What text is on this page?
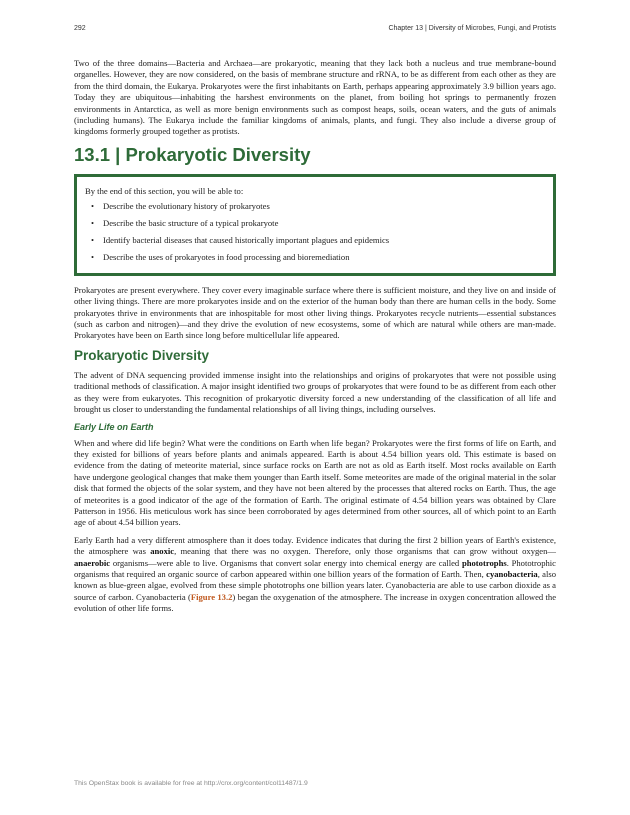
292	Chapter 13 | Diversity of Microbes, Fungi, and Protists

Two of the three domains—Bacteria and Archaea—are prokaryotic, meaning that they lack both a nucleus and true membrane-bound organelles. However, they are now considered, on the basis of membrane structure and rRNA, to be as different from each other as they are from the third domain, the Eukarya. Prokaryotes were the first inhabitants on Earth, perhaps appearing approximately 3.9 billion years ago. Today they are ubiquitous—inhabiting the harshest environments on the planet, from boiling hot springs to permanently frozen environments in Antarctica, as well as more benign environments such as compost heaps, soils, ocean waters, and the guts of animals (including humans). The Eukarya include the familiar kingdoms of animals, plants, and fungi. They also include a diverse group of kingdoms formerly grouped together as protists.

13.1 | Prokaryotic Diversity
By the end of this section, you will be able to:
• Describe the evolutionary history of prokaryotes
• Describe the basic structure of a typical prokaryote
• Identify bacterial diseases that caused historically important plagues and epidemics
• Describe the uses of prokaryotes in food processing and bioremediation

Prokaryotes are present everywhere. They cover every imaginable surface where there is sufficient moisture, and they live on and inside of other living things. There are more prokaryotes inside and on the exterior of the human body than there are human cells in the body. Some prokaryotes thrive in environments that are inhospitable for most other living things. Prokaryotes recycle nutrients—essential substances (such as carbon and nitrogen)—and they drive the evolution of new ecosystems, some of which are natural while others are man-made. Prokaryotes have been on Earth since long before multicellular life appeared.

Prokaryotic Diversity

The advent of DNA sequencing provided immense insight into the relationships and origins of prokaryotes that were not possible using traditional methods of classification. A major insight identified two groups of prokaryotes that were found to be as different from each other as they were from eukaryotes. This recognition of prokaryotic diversity forced a new understanding of the classification of all life and brought us closer to understanding the fundamental relationships of all living things, including ourselves.

Early Life on Earth

When and where did life begin? What were the conditions on Earth when life began? Prokaryotes were the first forms of life on Earth, and they existed for billions of years before plants and animals appeared. Earth is about 4.54 billion years old. This estimate is based on evidence from the dating of meteorite material, since surface rocks on Earth are not as old as Earth itself. Most rocks available on Earth have undergone geological changes that make them younger than Earth itself. Some meteorites are made of the original material in the solar disk that formed the objects of the solar system, and they have not been altered by the processes that altered rocks on Earth. Thus, the age of meteorites is a good indicator of the age of the formation of Earth. The original estimate of 4.54 billion years was obtained by Clare Patterson in 1956. His meticulous work has since been corroborated by ages determined from other sources, all of which point to an Earth age of about 4.54 billion years.

Early Earth had a very different atmosphere than it does today. Evidence indicates that during the first 2 billion years of Earth's existence, the atmosphere was anoxic, meaning that there was no oxygen. Therefore, only those organisms that can grow without oxygen— anaerobic organisms—were able to live. Organisms that convert solar energy into chemical energy are called phototrophs. Phototrophic organisms that required an organic source of carbon appeared within one billion years of the formation of Earth. Then, cyanobacteria, also known as blue-green algae, evolved from these simple phototrophs one billion years later. Cyanobacteria are able to use carbon dioxide as a source of carbon. Cyanobacteria (Figure 13.2) began the oxygenation of the atmosphere. The increase in oxygen concentration allowed the evolution of other life forms.

This OpenStax book is available for free at http://cnx.org/content/col11487/1.9
